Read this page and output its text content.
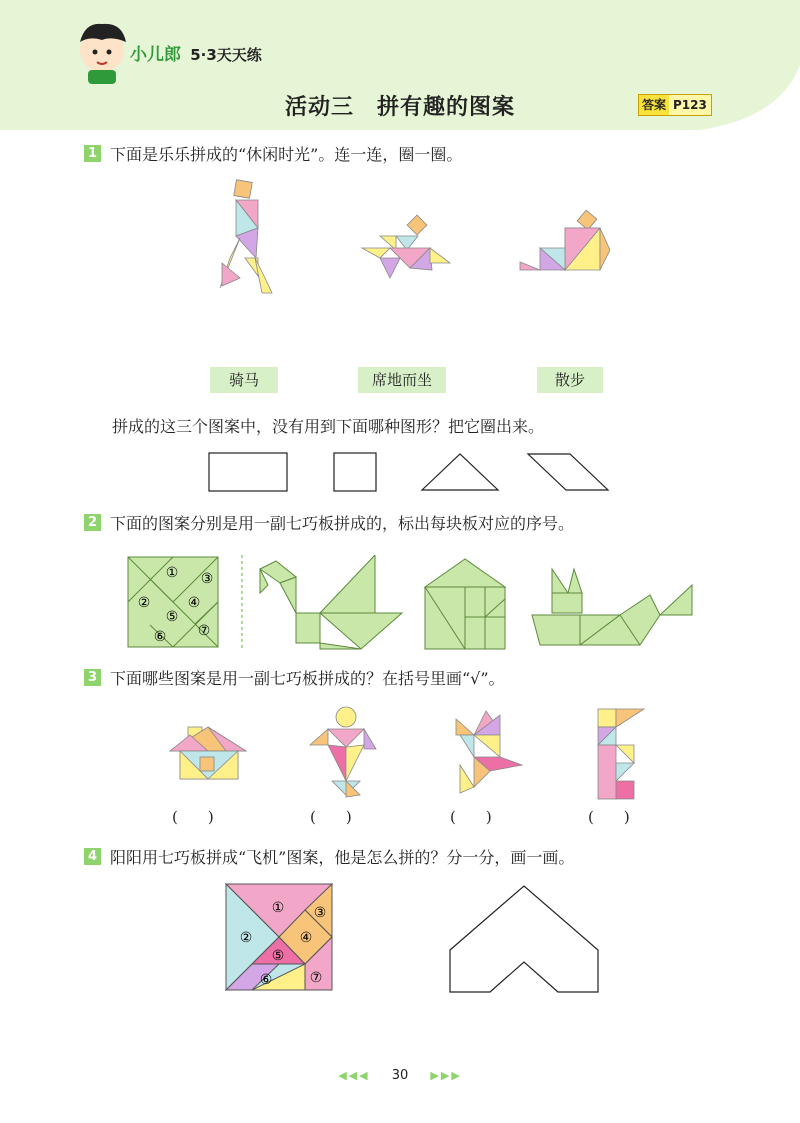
小儿郎 5·3天天练
活动三　拼有趣的图案	答案 P123
1 下面是乐乐拼成的“休闲时光”。连一连，圈一圈。
骑马	席地而坐	散步
拼成的这三个图案中，没有用到下面哪种图形？把它圈出来。
2 下面的图案分别是用一副七巧板拼成的，标出每块板对应的序号。
①
②
③
④
⑤
⑥ ⑦
3 下面哪些图案是用一副七巧板拼成的？在括号里画“√”。
(　　)	(　　)	(　　)	(　　)
4 阳阳用七巧板拼成“飞机”图案，他是怎么拼的？分一分，画一画。
①
②
③
④
⑤
⑥	⑦
◀◀◀ 30 ▶▶▶
